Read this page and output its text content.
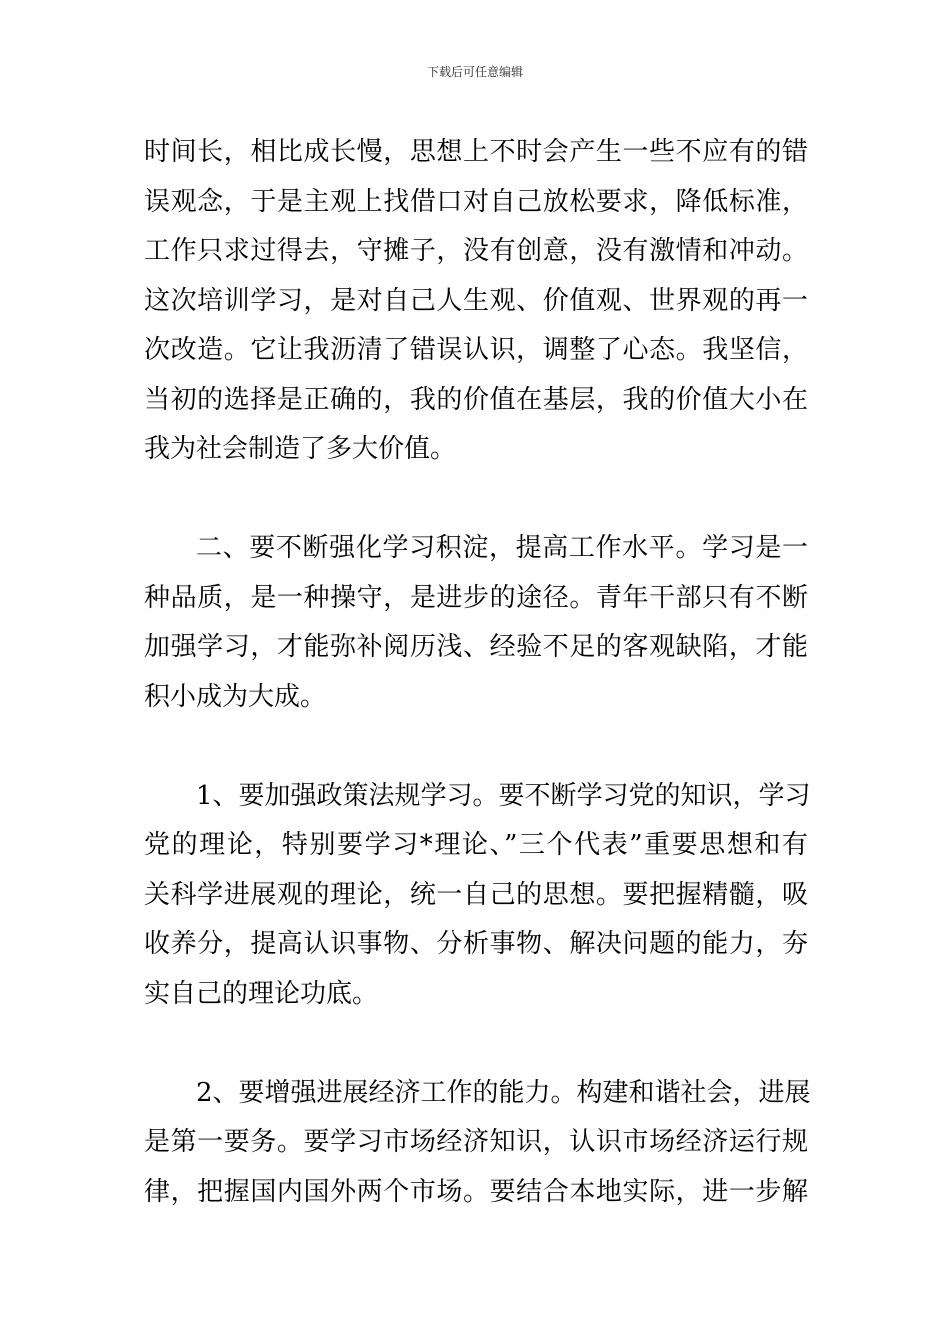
下载后可任意编辑
时间长，相比成长慢，思想上不时会产生一些不应有的错
误观念，于是主观上找借口对自己放松要求，降低标准，
工作只求过得去，守摊子，没有创意，没有激情和冲动。
这次培训学习，是对自己人生观、价值观、世界观的再一
次改造。它让我沥清了错误认识，调整了心态。我坚信，
当初的选择是正确的，我的价值在基层，我的价值大小在
我为社会制造了多大价值。
二、要不断强化学习积淀，提高工作水平。学习是一
种品质，是一种操守，是进步的途径。青年干部只有不断
加强学习，才能弥补阅历浅、经验不足的客观缺陷，才能
积小成为大成。
1、要加强政策法规学习。要不断学习党的知识，学习
党的理论，特别要学习*理论、”三个代表”重要思想和有
关科学进展观的理论，统一自己的思想。要把握精髓，吸
收养分，提高认识事物、分析事物、解决问题的能力，夯
实自己的理论功底。
2、要增强进展经济工作的能力。构建和谐社会，进展
是第一要务。要学习市场经济知识，认识市场经济运行规
律，把握国内国外两个市场。要结合本地实际，进一步解
